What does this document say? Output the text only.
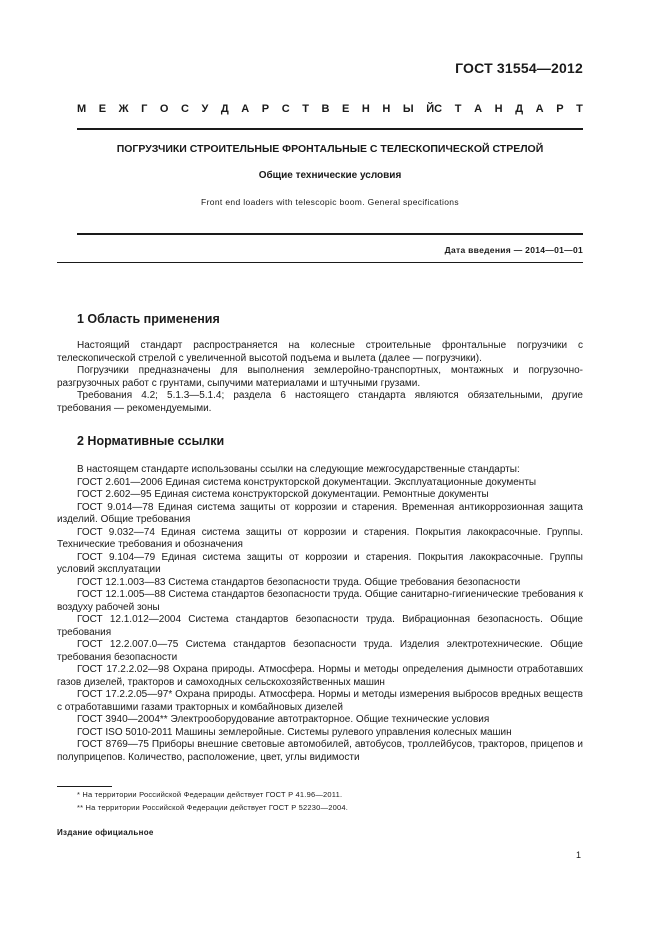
ГОСТ 31554—2012
М Е Ж Г О С У Д А Р С Т В Е Н Н Ы Й С Т А Н Д А Р Т
ПОГРУЗЧИКИ СТРОИТЕЛЬНЫЕ ФРОНТАЛЬНЫЕ С ТЕЛЕСКОПИЧЕСКОЙ СТРЕЛОЙ
Общие технические условия
Front end loaders with telescopic boom. General specifications
Дата введения — 2014—01—01
1 Область применения

Настоящий стандарт распространяется на колесные строительные фронтальные погрузчики с телескопической стрелой с увеличенной высотой подъема и вылета (далее — погрузчики).

Погрузчики предназначены для выполнения землеройно-транспортных, монтажных и погрузочно-разгрузочных работ с грунтами, сыпучими материалами и штучными грузами.

Требования 4.2; 5.1.3—5.1.4; раздела 6 настоящего стандарта являются обязательными, другие требования — рекомендуемыми.

2 Нормативные ссылки

В настоящем стандарте использованы ссылки на следующие межгосударственные стандарты:

ГОСТ 2.601—2006 Единая система конструкторской документации. Эксплуатационные документы

ГОСТ 2.602—95 Единая система конструкторской документации. Ремонтные документы

ГОСТ 9.014—78 Единая система защиты от коррозии и старения. Временная антикоррозионная защита изделий. Общие требования

ГОСТ 9.032—74 Единая система защиты от коррозии и старения. Покрытия лакокрасочные. Группы. Технические требования и обозначения

ГОСТ 9.104—79 Единая система защиты от коррозии и старения. Покрытия лакокрасочные. Группы условий эксплуатации

ГОСТ 12.1.003—83 Система стандартов безопасности труда. Общие требования безопасности

ГОСТ 12.1.005—88 Система стандартов безопасности труда. Общие санитарно-гигиенические требования к воздуху рабочей зоны

ГОСТ 12.1.012—2004 Система стандартов безопасности труда. Вибрационная безопасность. Общие требования

ГОСТ 12.2.007.0—75 Система стандартов безопасности труда. Изделия электротехнические. Общие требования безопасности

ГОСТ 17.2.2.02—98 Охрана природы. Атмосфера. Нормы и методы определения дымности отработавших газов дизелей, тракторов и самоходных сельскохозяйственных машин

ГОСТ 17.2.2.05—97* Охрана природы. Атмосфера. Нормы и методы измерения выбросов вредных веществ с отработавшими газами тракторных и комбайновых дизелей

ГОСТ 3940—2004** Электрооборудование автотракторное. Общие технические условия

ГОСТ ISO 5010-2011 Машины землеройные. Системы рулевого управления колесных машин

ГОСТ 8769—75 Приборы внешние световые автомобилей, автобусов, троллейбусов, тракторов, прицепов и полуприцепов. Количество, расположение, цвет, углы видимости

* На территории Российской Федерации действует ГОСТ Р 41.96—2011.
** На территории Российской Федерации действует ГОСТ Р 52230—2004.
Издание официальное
1
